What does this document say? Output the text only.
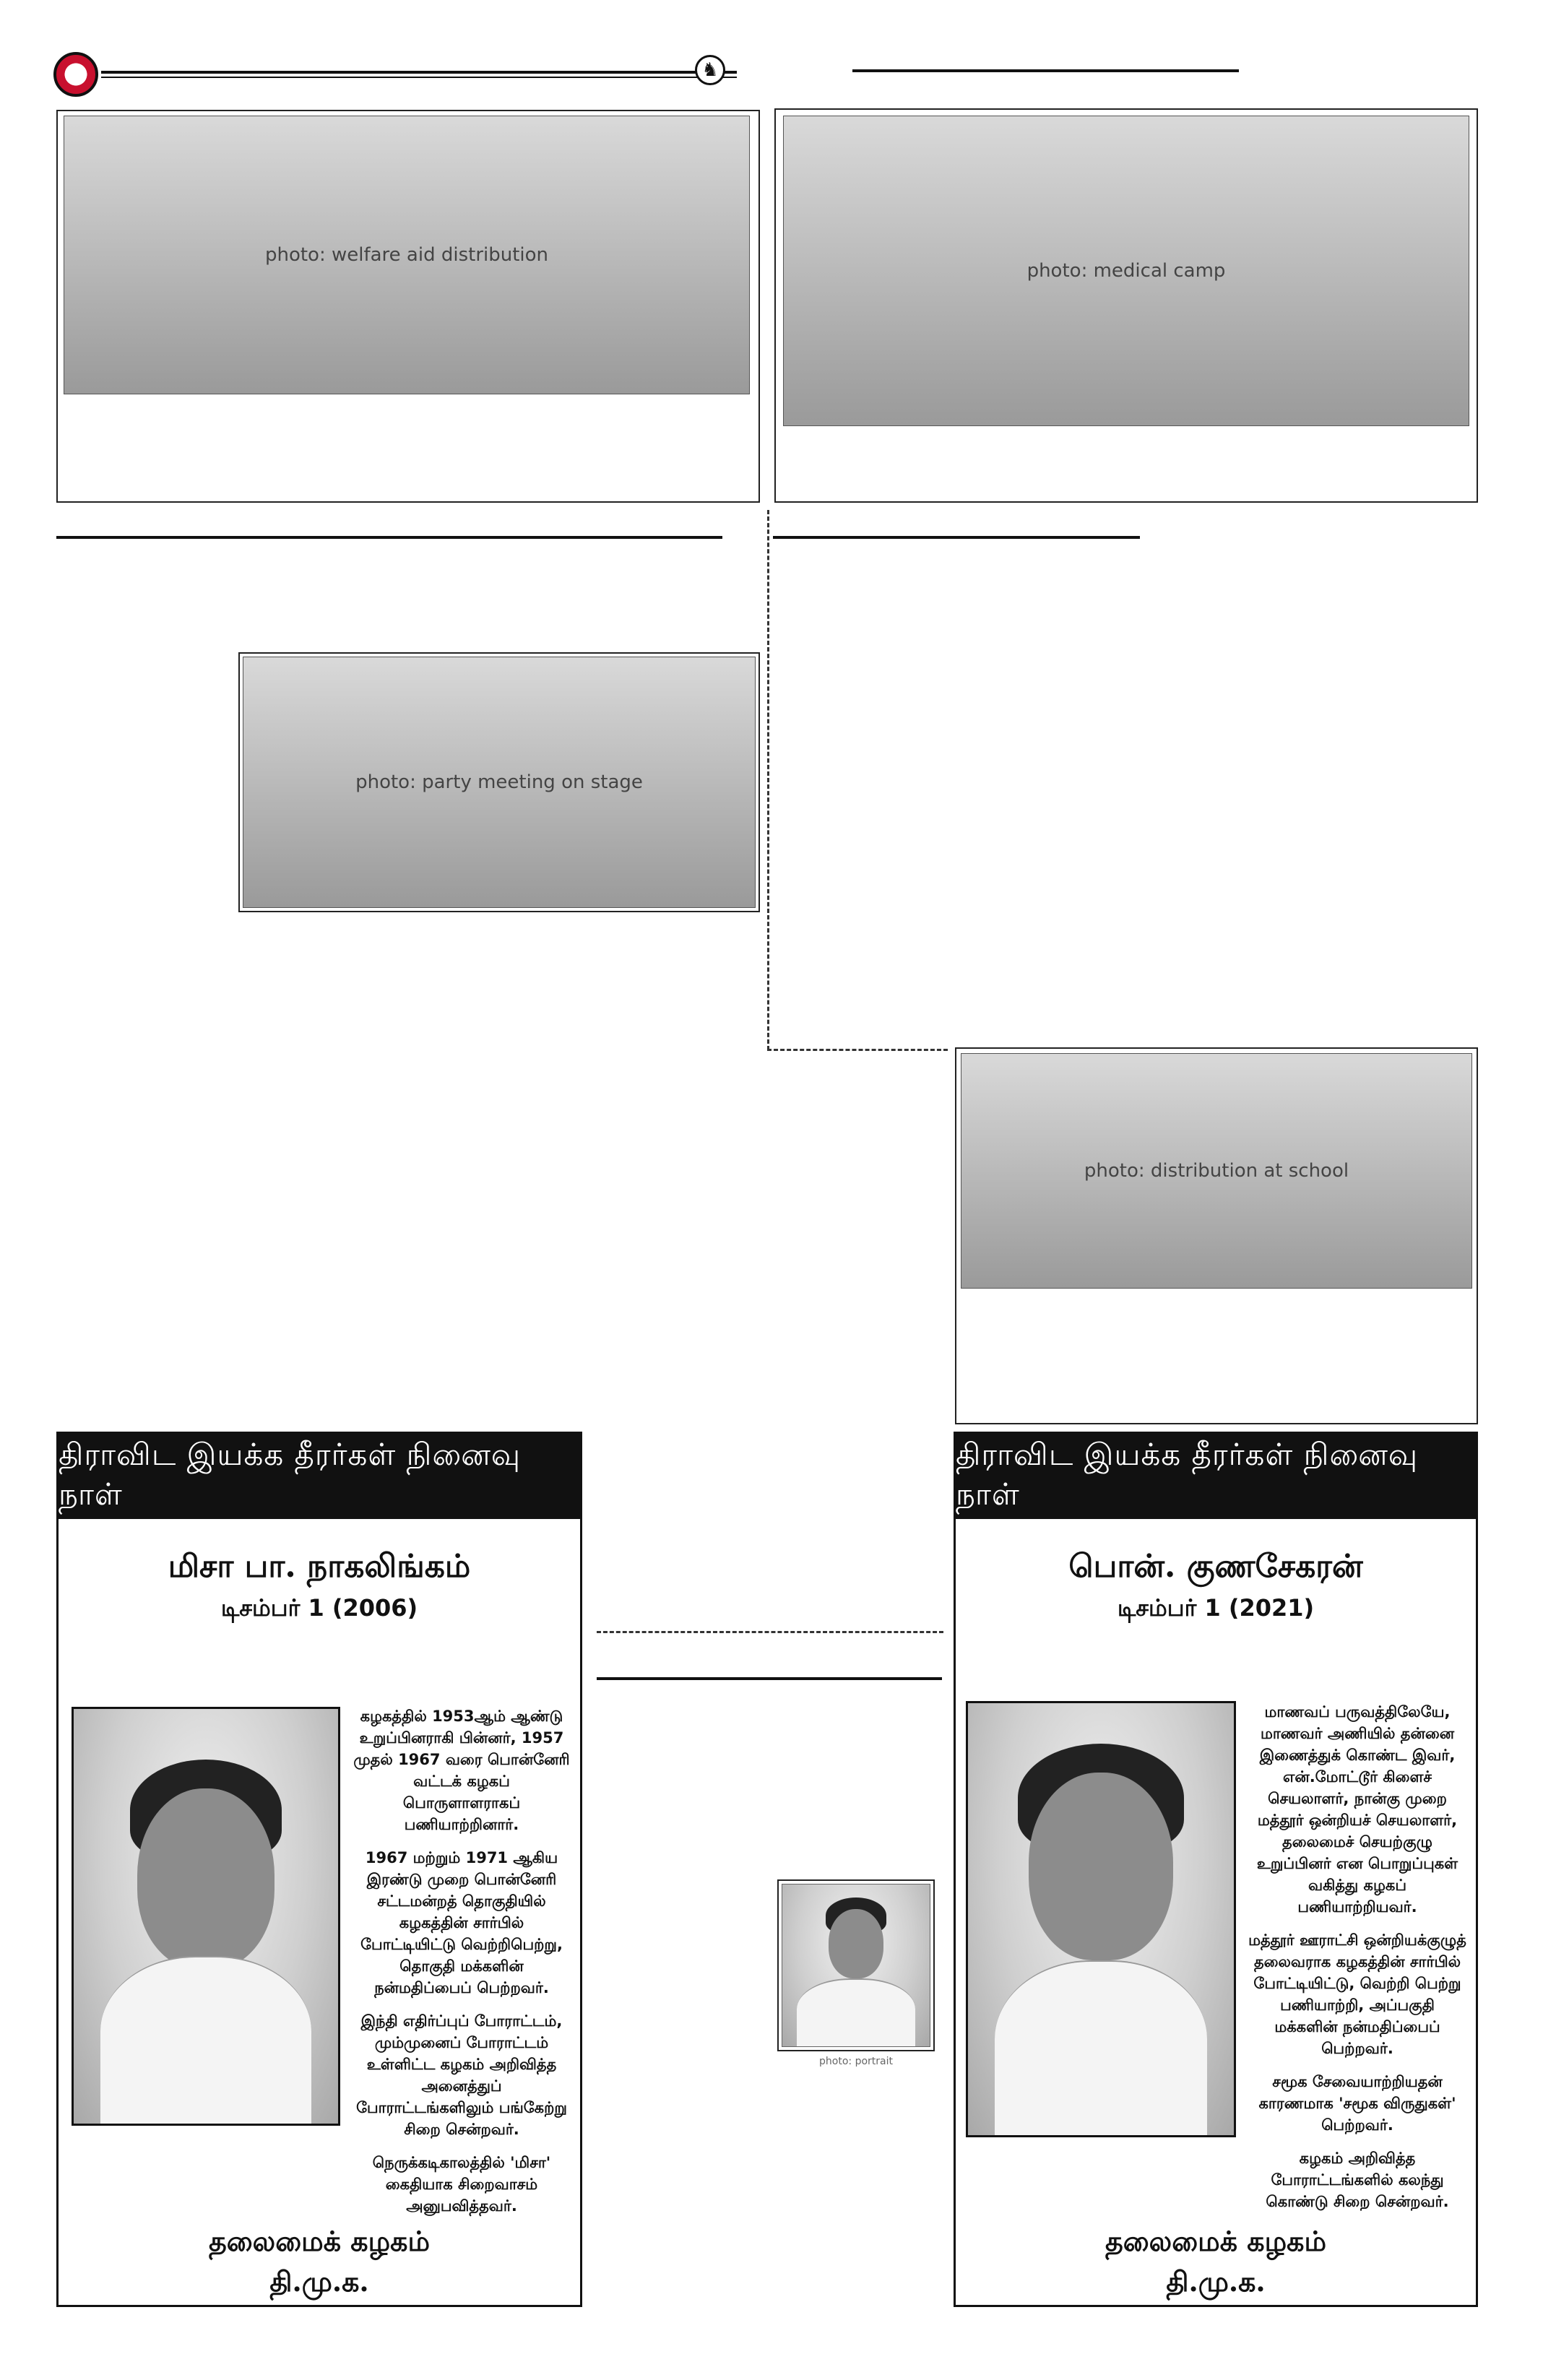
♞
photo: welfare aid distribution
photo: medical camp
photo: party meeting on stage
photo: distribution at school
திராவிட இயக்க தீரர்கள் நினைவு நாள்
மிசா பா. நாகலிங்கம்
டிசம்பர் 1 (2006)

கழகத்தில் 1953ஆம் ஆண்டு உறுப்பினராகி பின்னர், 1957 முதல் 1967 வரை பொன்னேரி வட்டக் கழகப் பொருளாளராகப் பணியாற்றினார்.

1967 மற்றும் 1971 ஆகிய இரண்டு முறை பொன்னேரி சட்டமன்றத் தொகுதியில் கழகத்தின் சார்பில் போட்டியிட்டு வெற்றிபெற்று, தொகுதி மக்களின் நன்மதிப்பைப் பெற்றவர்.

இந்தி எதிர்ப்புப் போராட்டம், மும்முனைப் போராட்டம் உள்ளிட்ட கழகம் அறிவித்த அனைத்துப் போராட்டங்களிலும் பங்கேற்று சிறை சென்றவர்.

நெருக்கடிகாலத்தில் 'மிசா' கைதியாக சிறைவாசம் அனுபவித்தவர்.

தலைமைக் கழகம்
தி.மு.க.
திராவிட இயக்க தீரர்கள் நினைவு நாள்
பொன். குணசேகரன்
டிசம்பர் 1 (2021)

மாணவப் பருவத்திலேயே, மாணவர் அணியில் தன்னை இணைத்துக் கொண்ட இவர், என்.மோட்டூர் கிளைச் செயலாளர், நான்கு முறை மத்தூர் ஒன்றியச் செயலாளர், தலைமைச் செயற்குழு உறுப்பினர் என பொறுப்புகள் வகித்து கழகப் பணியாற்றியவர்.

மத்தூர் ஊராட்சி ஒன்றியக்குழுத் தலைவராக கழகத்தின் சார்பில் போட்டியிட்டு, வெற்றி பெற்று பணியாற்றி, அப்பகுதி மக்களின் நன்மதிப்பைப் பெற்றவர்.

சமூக சேவையாற்றியதன் காரணமாக 'சமூக விருதுகள்' பெற்றவர்.

கழகம் அறிவித்த போராட்டங்களில் கலந்து கொண்டு சிறை சென்றவர்.

தலைமைக் கழகம்
தி.மு.க.
photo: portrait
